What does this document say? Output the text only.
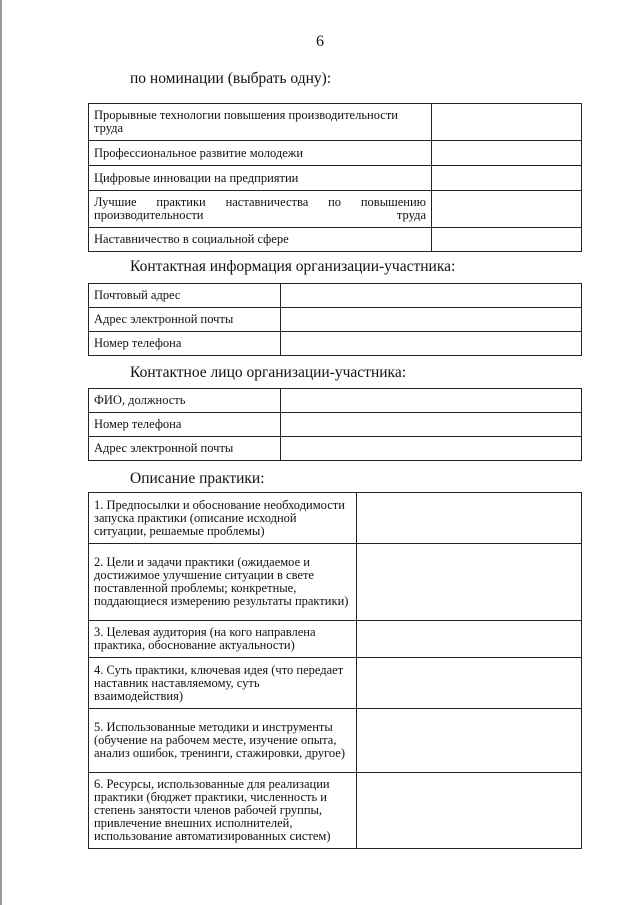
6
по номинации (выбрать одну):
Прорывные технологии повышения производительности труда	
Профессиональное развитие молодежи	
Цифровые инновации на предприятии	
Лучшие практики наставничества по повышению производительности труда	
Наставничество в социальной сфере	
Контактная информация организации-участника:
Почтовый адрес	
Адрес электронной почты	
Номер телефона	
Контактное лицо организации-участника:
ФИО, должность	
Номер телефона	
Адрес электронной почты	
Описание практики:
1. Предпосылки и обоснование необходимости запуска практики (описание исходной ситуации, решаемые проблемы)	
2. Цели и задачи практики (ожидаемое и достижимое улучшение ситуации в свете поставленной проблемы; конкретные, поддающиеся измерению результаты практики)	
3. Целевая аудитория (на кого направлена практика, обоснование актуальности)	
4. Суть практики, ключевая идея (что передает наставник наставляемому, суть взаимодействия)	
5. Использованные методики и инструменты (обучение на рабочем месте, изучение опыта, анализ ошибок, тренинги, стажировки, другое)	
6. Ресурсы, использованные для реализации практики (бюджет практики, численность и степень занятости членов рабочей группы, привлечение внешних исполнителей, использование автоматизированных систем)	
